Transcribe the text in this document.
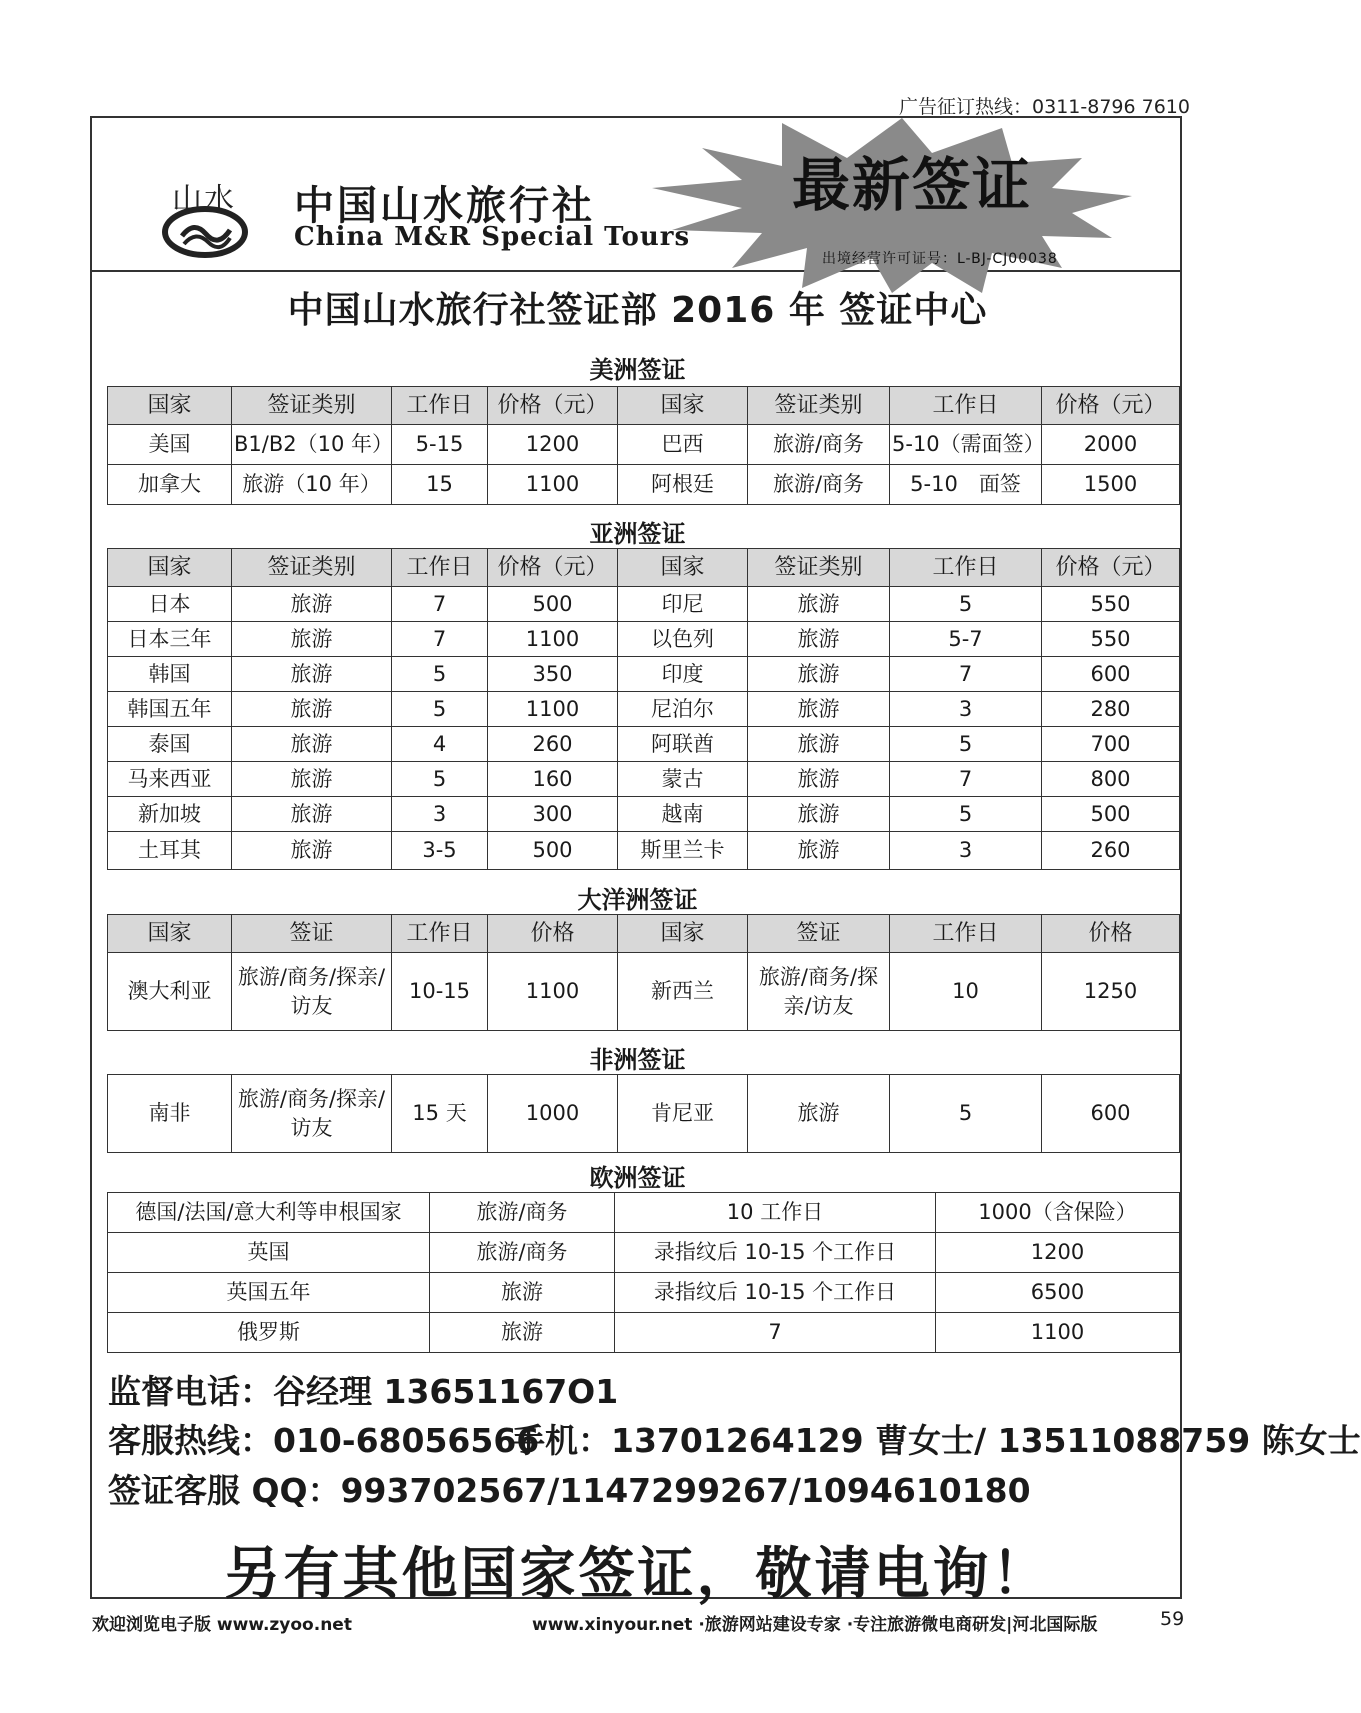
广告征订热线：0311-8796 7610
山水 中国山水旅行社
China M&R Special Tours
最新签证
出境经营许可证号：L-BJ-CJ00038
中国山水旅行社签证部 2016 年 签证中心
美洲签证
国家	签证类别	工作日	价格（元）	国家	签证类别	工作日	价格（元）
美国	B1/B2（10 年）	5-15	1200	巴西	旅游/商务	5-10（需面签）	2000
加拿大	旅游（10 年）	15	1100	阿根廷	旅游/商务	5-10　面签	1500
亚洲签证
国家	签证类别	工作日	价格（元）	国家	签证类别	工作日	价格（元）
日本	旅游	7	500	印尼	旅游	5	550
日本三年	旅游	7	1100	以色列	旅游	5-7	550
韩国	旅游	5	350	印度	旅游	7	600
韩国五年	旅游	5	1100	尼泊尔	旅游	3	280
泰国	旅游	4	260	阿联酋	旅游	5	700
马来西亚	旅游	5	160	蒙古	旅游	7	800
新加坡	旅游	3	300	越南	旅游	5	500
土耳其	旅游	3-5	500	斯里兰卡	旅游	3	260
大洋洲签证
国家	签证	工作日	价格	国家	签证	工作日	价格
澳大利亚	旅游/商务/探亲/访友	10-15	1100	新西兰	旅游/商务/探亲/访友	10	1250
非洲签证
南非	旅游/商务/探亲/访友	15 天	1000	肯尼亚	旅游	5	600
欧洲签证
德国/法国/意大利等申根国家	旅游/商务	10 工作日	1000（含保险）
英国	旅游/商务	录指纹后 10-15 个工作日	1200
英国五年	旅游	录指纹后 10-15 个工作日	6500
俄罗斯	旅游	7	1100
监督电话：谷经理 13651167O1
客服热线：010-68056566
手机：13701264129 曹女士/ 13511088759 陈女士
签证客服 QQ：993702567/1147299267/1094610180
另有其他国家签证，敬请电询！
欢迎浏览电子版 www.zyoo.net	www.xinyour.net ·旅游网站建设专家 ·专注旅游微电商研发|河北国际版	59
